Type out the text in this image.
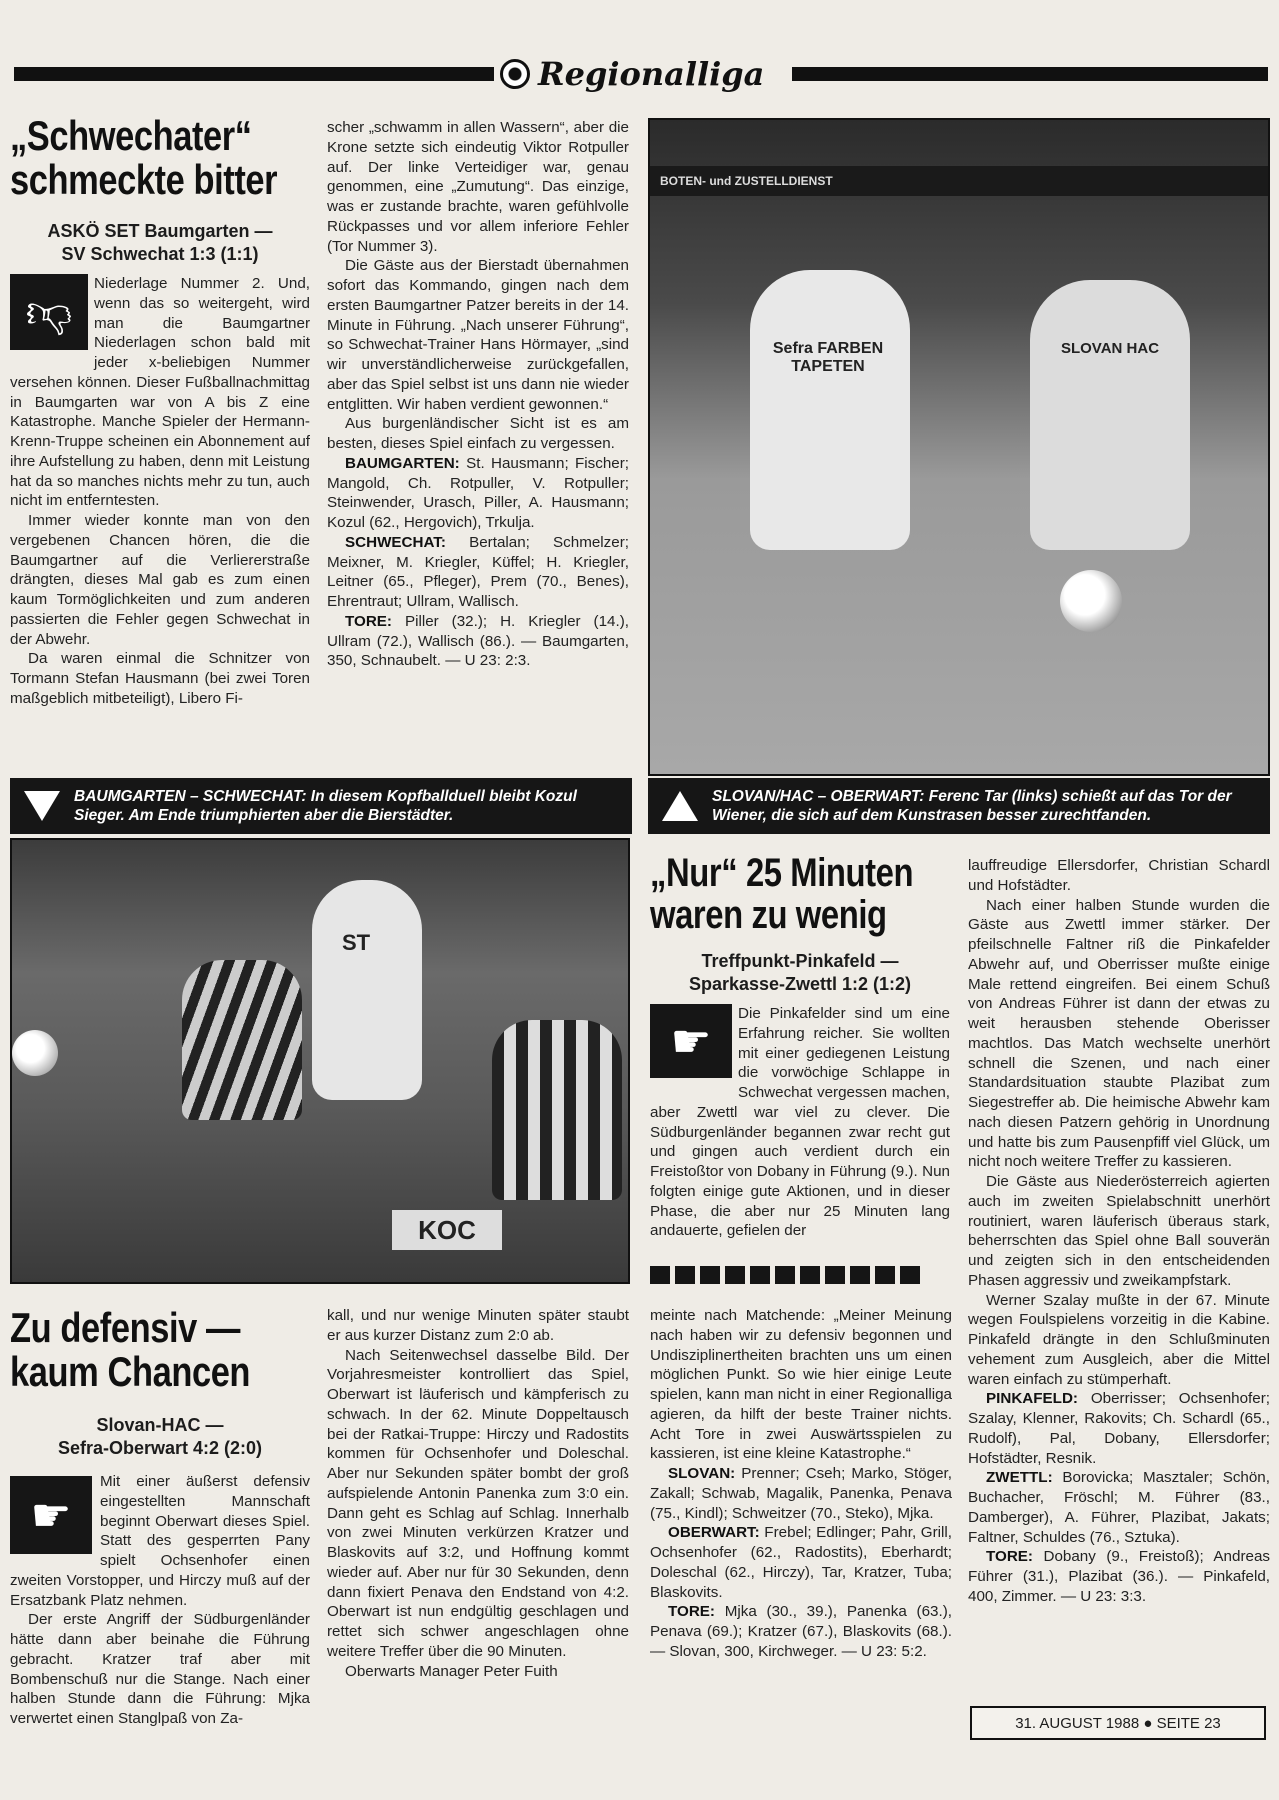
Regionalliga
„Schwechater“
schmeckte bitter
ASKÖ SET Baumgarten —
SV Schwechat 1:3 (1:1)
👎︎

Niederlage Nummer 2. Und, wenn das so weitergeht, wird man die Baumgartner Niederlagen schon bald mit jeder x-beliebigen Nummer versehen können. Dieser Fußballnachmittag in Baumgarten war von A bis Z eine Katastrophe. Manche Spieler der Hermann-Krenn-Truppe scheinen ein Abonnement auf ihre Aufstellung zu haben, denn mit Leistung hat da so manches nichts mehr zu tun, auch nicht im entferntesten.

Immer wieder konnte man von den vergebenen Chancen hören, die die Baumgartner auf die Verliererstraße drängten, dieses Mal gab es zum einen kaum Tormöglichkeiten und zum anderen passierten die Fehler gegen Schwechat in der Abwehr.

Da waren einmal die Schnitzer von Tormann Stefan Hausmann (bei zwei Toren maßgeblich mitbeteiligt), Libero Fi-

scher „schwamm in allen Wassern“, aber die Krone setzte sich eindeutig Viktor Rotpuller auf. Der linke Verteidiger war, genau genommen, eine „Zumutung“. Das einzige, was er zustande brachte, waren gefühlvolle Rückpasses und vor allem inferiore Fehler (Tor Nummer 3).

Die Gäste aus der Bierstadt übernahmen sofort das Kommando, gingen nach dem ersten Baumgartner Patzer bereits in der 14. Minute in Führung. „Nach unserer Führung“, so Schwechat-Trainer Hans Hörmayer, „sind wir unverständlicherweise zurückgefallen, aber das Spiel selbst ist uns dann nie wieder entglitten. Wir haben verdient gewonnen.“

Aus burgenländischer Sicht ist es am besten, dieses Spiel einfach zu vergessen.

BAUMGARTEN: St. Hausmann; Fischer; Mangold, Ch. Rotpuller, V. Rotpuller; Steinwender, Urasch, Piller, A. Hausmann; Kozul (62., Hergovich), Trkulja.

SCHWECHAT: Bertalan; Schmelzer; Meixner, M. Kriegler, Küffel; H. Kriegler, Leitner (65., Pfleger), Prem (70., Benes), Ehrentraut; Ullram, Wallisch.

TORE: Piller (32.); H. Kriegler (14.), Ullram (72.), Wallisch (86.). — Baumgarten, 350, Schnaubelt. — U 23: 2:3.

BOTEN- und ZUSTELLDIENST
Sefra FARBEN TAPETEN
SLOVAN HAC
BAUMGARTEN – SCHWECHAT: In diesem Kopfballduell bleibt Kozul Sieger. Am Ende triumphierten aber die Bierstädter.
SLOVAN/HAC – OBERWART: Ferenc Tar (links) schießt auf das Tor der Wiener, die sich auf dem Kunstrasen besser zurechtfanden.
ST
KOC
„Nur“ 25 Minuten
waren zu wenig
Treffpunkt-Pinkafeld —
Sparkasse-Zwettl 1:2 (1:2)
☛

Die Pinkafelder sind um eine Erfahrung reicher. Sie wollten mit einer gediegenen Leistung die vorwöchige Schlappe in Schwechat vergessen machen, aber Zwettl war viel zu clever. Die Südburgenländer begannen zwar recht gut und gingen auch verdient durch ein Freistoßtor von Dobany in Führung (9.). Nun folgten einige gute Aktionen, und in dieser Phase, die aber nur 25 Minuten lang andauerte, gefielen der

lauffreudige Ellersdorfer, Christian Schardl und Hofstädter.

Nach einer halben Stunde wurden die Gäste aus Zwettl immer stärker. Der pfeilschnelle Faltner riß die Pinkafelder Abwehr auf, und Oberrisser mußte einige Male rettend eingreifen. Bei einem Schuß von Andreas Führer ist dann der etwas zu weit herausben stehende Oberisser machtlos. Das Match wechselte unerhört schnell die Szenen, und nach einer Standardsituation staubte Plazibat zum Siegestreffer ab. Die heimische Abwehr kam nach diesen Patzern gehörig in Unordnung und hatte bis zum Pausenpfiff viel Glück, um nicht noch weitere Treffer zu kassieren.

Die Gäste aus Niederösterreich agierten auch im zweiten Spielabschnitt unerhört routiniert, waren läuferisch überaus stark, beherrschten das Spiel ohne Ball souverän und zeigten sich in den entscheidenden Phasen aggressiv und zweikampfstark.

Werner Szalay mußte in der 67. Minute wegen Foulspielens vorzeitig in die Kabine. Pinkafeld drängte in den Schlußminuten vehement zum Ausgleich, aber die Mittel waren einfach zu stümperhaft.

PINKAFELD: Oberrisser; Ochsenhofer; Szalay, Klenner, Rakovits; Ch. Schardl (65., Rudolf), Pal, Dobany, Ellersdorfer; Hofstädter, Resnik.

ZWETTL: Borovicka; Masztaler; Schön, Buchacher, Fröschl; M. Führer (83., Damberger), A. Führer, Plazibat, Jakats; Faltner, Schuldes (76., Sztuka).

TORE: Dobany (9., Freistoß); Andreas Führer (31.), Plazibat (36.). — Pinkafeld, 400, Zimmer. — U 23: 3:3.

Zu defensiv —
kaum Chancen
Slovan-HAC —
Sefra-Oberwart 4:2 (2:0)
☛

Mit einer äußerst defensiv eingestellten Mannschaft beginnt Oberwart dieses Spiel. Statt des gesperrten Pany spielt Ochsenhofer einen zweiten Vorstopper, und Hirczy muß auf der Ersatzbank Platz nehmen.

Der erste Angriff der Südburgenländer hätte dann aber beinahe die Führung gebracht. Kratzer traf aber mit Bombenschuß nur die Stange. Nach einer halben Stunde dann die Führung: Mjka verwertet einen Stanglpaß von Za-

kall, und nur wenige Minuten später staubt er aus kurzer Distanz zum 2:0 ab.

Nach Seitenwechsel dasselbe Bild. Der Vorjahresmeister kontrolliert das Spiel, Oberwart ist läuferisch und kämpferisch zu schwach. In der 62. Minute Doppeltausch bei der Ratkai-Truppe: Hirczy und Radostits kommen für Ochsenhofer und Doleschal. Aber nur Sekunden später bombt der groß aufspielende Antonin Panenka zum 3:0 ein. Dann geht es Schlag auf Schlag. Innerhalb von zwei Minuten verkürzen Kratzer und Blaskovits auf 3:2, und Hoffnung kommt wieder auf. Aber nur für 30 Sekunden, denn dann fixiert Penava den Endstand von 4:2. Oberwart ist nun endgültig geschlagen und rettet sich schwer angeschlagen ohne weitere Treffer über die 90 Minuten.

Oberwarts Manager Peter Fuith

meinte nach Matchende: „Meiner Meinung nach haben wir zu defensiv begonnen und Undisziplinertheiten brachten uns um einen möglichen Punkt. So wie hier einige Leute spielen, kann man nicht in einer Regionalliga agieren, da hilft der beste Trainer nichts. Acht Tore in zwei Auswärtsspielen zu kassieren, ist eine kleine Katastrophe.“

SLOVAN: Prenner; Cseh; Marko, Stöger, Zakall; Schwab, Magalik, Panenka, Penava (75., Kindl); Schweitzer (70., Steko), Mjka.

OBERWART: Frebel; Edlinger; Pahr, Grill, Ochsenhofer (62., Radostits), Eberhardt; Doleschal (62., Hirczy), Tar, Kratzer, Tuba; Blaskovits.

TORE: Mjka (30., 39.), Panenka (63.), Penava (69.); Kratzer (67.), Blaskovits (68.). — Slovan, 300, Kirchweger. — U 23: 5:2.

31. AUGUST 1988 ● SEITE 23
